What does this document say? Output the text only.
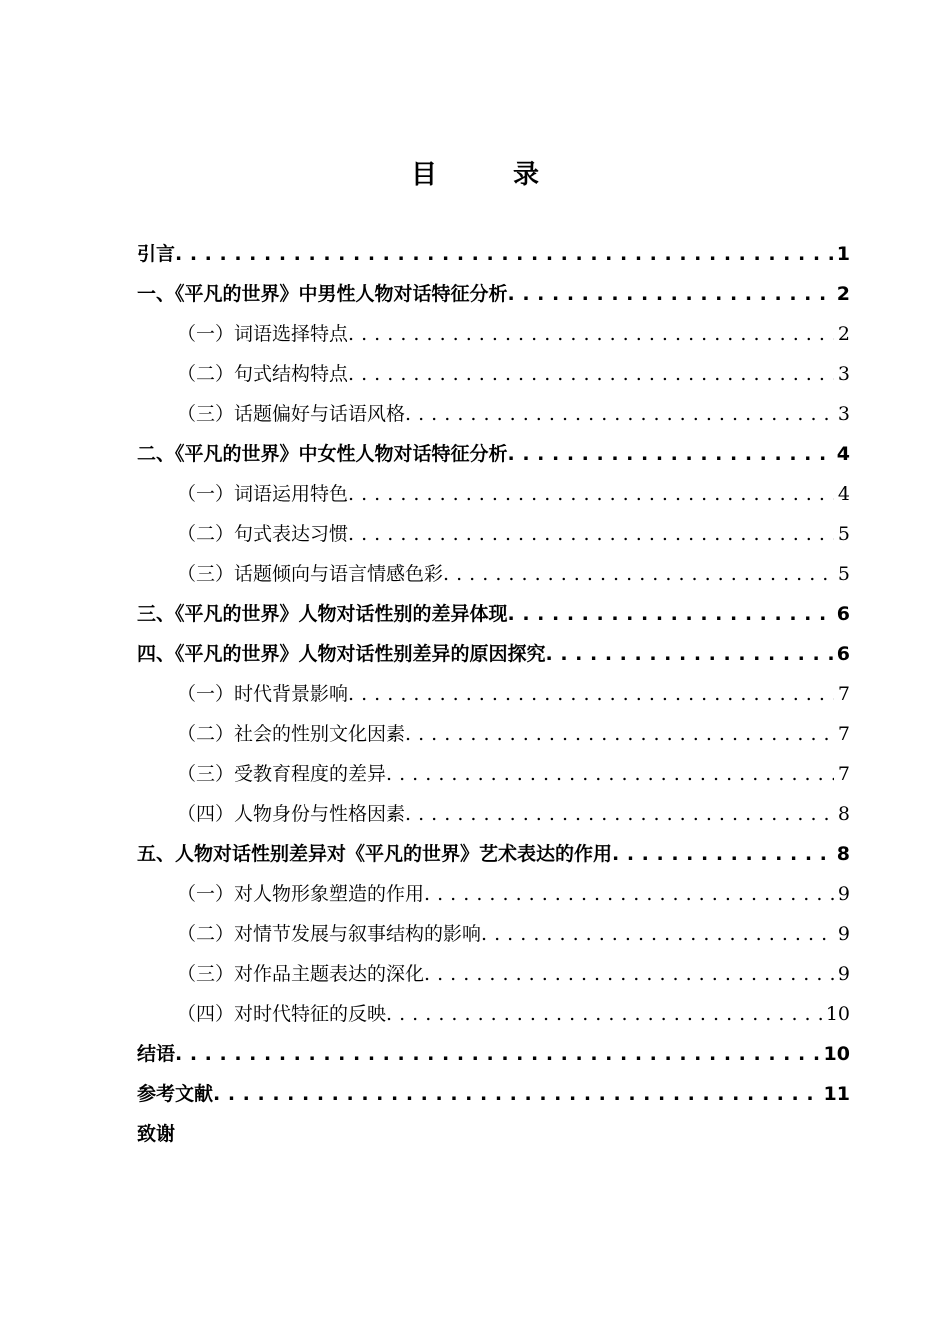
目	录
引言 . . .	1
一、《平凡的世界》中男性人物对话特征分析 . . .	2
（一）词语选择特点 . . .	2
（二）句式结构特点 . . .	3
（三）话题偏好与话语风格 . . .	3
二、《平凡的世界》中女性人物对话特征分析 . . .	4
（一）词语运用特色 . . .	4
（二）句式表达习惯 . . .	5
（三）话题倾向与语言情感色彩 . . .	5
三、《平凡的世界》人物对话性别的差异体现 . . .	6
四、《平凡的世界》人物对话性别差异的原因探究 . . .	6
（一）时代背景影响 . . .	7
（二）社会的性别文化因素 . . .	7
（三）受教育程度的差异 . . .	7
（四）人物身份与性格因素 . . .	8
五、人物对话性别差异对《平凡的世界》艺术表达的作用 . . .	8
（一）对人物形象塑造的作用 . . .	9
（二）对情节发展与叙事结构的影响 . . .	9
（三）对作品主题表达的深化 . . .	9
（四）对时代特征的反映 . . .	10
结语 . . .	10
参考文献 . . .	11
致谢
